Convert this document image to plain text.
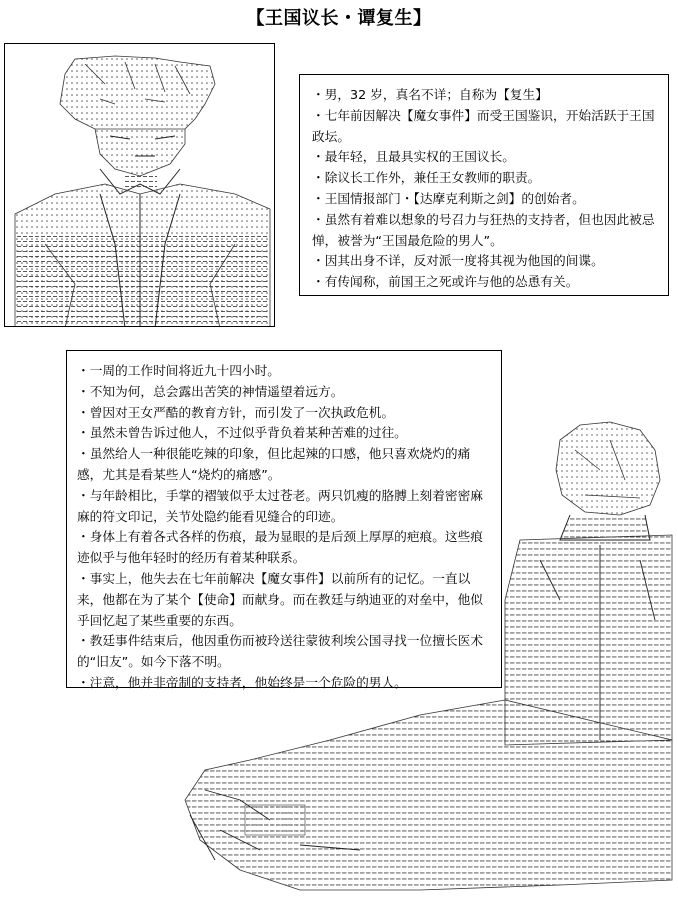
【王国议长・谭复生】
・ 男，32 岁，真名不详；自称为【复生】
・ 七年前因解决【魔女事件】而受王国鉴识，开始活跃于王国政坛。
・ 最年轻，且最具实权的王国议长。
・ 除议长工作外，兼任王女教师的职责。
・ 王国情报部门・【达摩克利斯之剑】的创始者。
・ 虽然有着难以想象的号召力与狂热的支持者，但也因此被忌惮，被誉为“王国最危险的男人”。
・ 因其出身不详，反对派一度将其视为他国的间谍。
・ 有传闻称，前国王之死或许与他的怂恿有关。
・ 一周的工作时间将近九十四小时。
・ 不知为何，总会露出苦笑的神情遥望着远方。
・ 曾因对王女严酷的教育方针，而引发了一次执政危机。
・ 虽然未曾告诉过他人，不过似乎背负着某种苦难的过往。
・ 虽然给人一种很能吃辣的印象，但比起辣的口感，他只喜欢烧灼的痛感，尤其是看某些人“烧灼的痛感”。
・ 与年龄相比，手掌的褶皱似乎太过苍老。两只饥瘦的胳膊上刻着密密麻麻的符文印记，关节处隐约能看见缝合的印迹。
・ 身体上有着各式各样的伤痕，最为显眼的是后颈上厚厚的疤痕。这些痕迹似乎与他年轻时的经历有着某种联系。
・ 事实上，他失去在七年前解决【魔女事件】以前所有的记忆。一直以来，他都在为了某个【使命】而献身。而在教廷与纳迪亚的对垒中，他似乎回忆起了某些重要的东西。
・ 教廷事件结束后，他因重伤而被玲送往蒙彼利埃公国寻找一位擅长医术的“旧友”。如今下落不明。
・ 注意，他并非帝制的支持者，他始终是一个危险的男人。
